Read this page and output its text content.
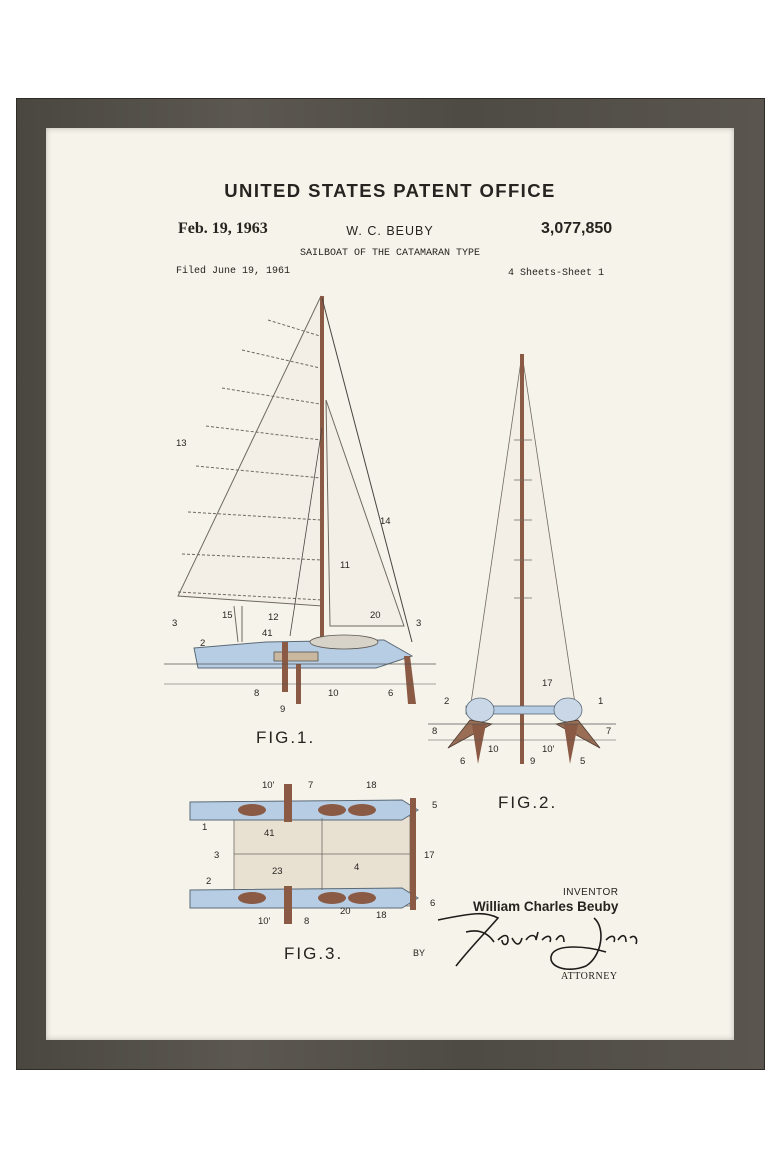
UNITED STATES PATENT OFFICE
Feb. 19, 1963	W. C. BEUBY	3,077,850
SAILBOAT OF THE CATAMARAN TYPE
Filed June 19, 1961	4 Sheets-Sheet 1
13
14
11
12
15	20
3	3
2
41
8
9
10	6
17
1
2
7
8
6
10
9
10'
5
10'	7	18
5
1
41
17
3
23	4
2
6
10'	8
20	18
FIG.1.
FIG.2.
FIG.3.
INVENTOR
William Charles Beuby
BY
ATTORNEY
